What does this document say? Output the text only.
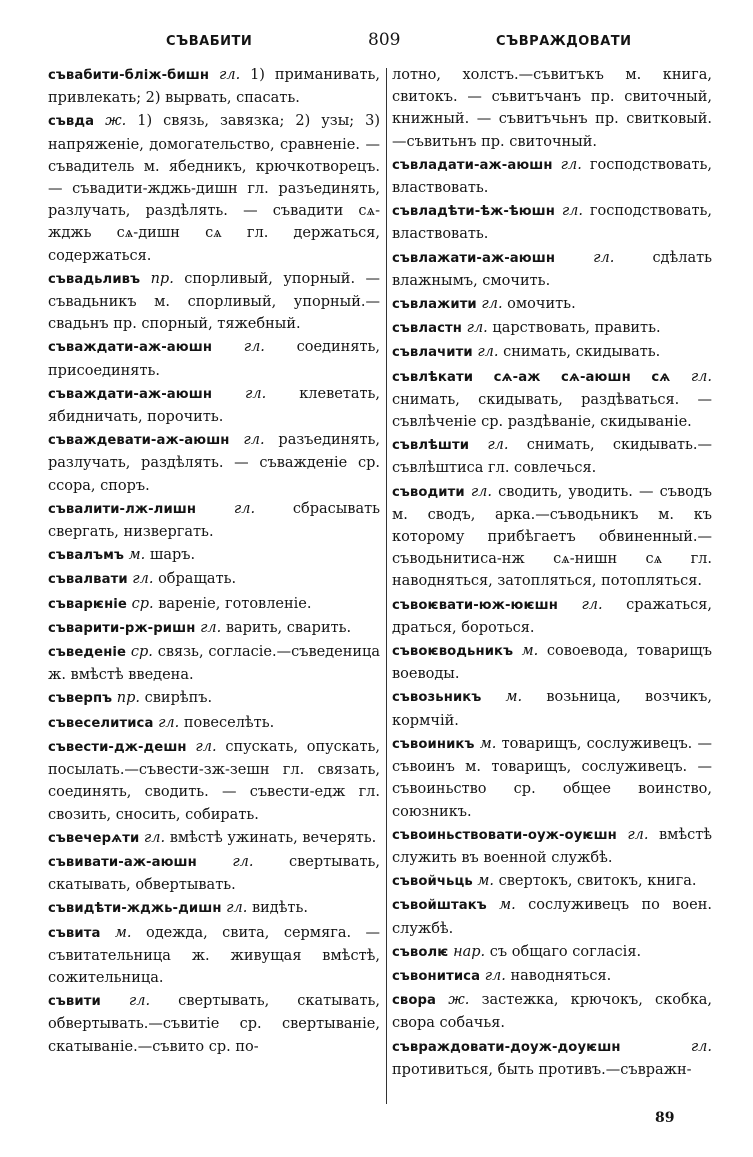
СЪВАБИТИ	809	СЪВРАЖДОВАТИ

съвабити-бліж-бишн гл. 1) приманивать, привлекать; 2) вырвать, спасать.

съвда ж. 1) связь, завязка; 2) узы; 3) напряженіе, домогательство, сравненіе. — съвадитель м. ябедникъ, крючкотворецъ. — съвадити-жджь-дишн гл. разъединять, разлучать, раздѣлять. — съвадити сѧ-жджь сѧ-дишн сѧ гл. держаться, содержаться.

съвадьливъ пр. спорливый, упорный. —съвадьникъ м. спорливый, упорный.—свадьнъ пр. спорный, тяжебный.

съваждати-аж-аюшн гл. соединять, присоединять.

съваждати-аж-аюшн гл. клеветать, ябидничать, порочить.

съваждевати-аж-аюшн гл. разъединять, разлучать, раздѣлять. — съважденіе ср. ссора, споръ.

съвалити-лж-лишн	гл.	сбрасывать свергать, низвергать.

съвалъмъ м. шаръ.

съвалвати гл. обращать.

съварѥніе ср. вареніе, готовленіе.

съварити-рж-ришн гл. варить, сварить.

съведеніе ср. связь, согласіе.—съведеница ж. вмѣстѣ введена.

съверпъ пр. свирѣпъ.

съвеселитиса гл. повеселѣть.

съвести-дж-дешн гл. спускать, опускать, посылать.—съвести-зж-зешн гл. связать, соединять, сводить. — съвести-едж гл. свозить, сносить, собирать.

съвечерѧти гл. вмѣстѣ ужинать, вечерять.

съвивати-аж-аюшн гл. свертывать, скатывать, обвертывать.

съвидѣти-жджь-дишн гл. видѣть.

съвита м. одежда, свита, сермяга. — съвитательница ж. живущая вмѣстѣ, сожительница.

съвити гл. свертывать, скатывать, обвертывать.—съвитіе ср. свертываніе, скатываніе.—съвито ср. по-

лотно, холстъ.—съвитъкъ м. книга, свитокъ. — съвитъчанъ пр. свиточный, книжный. — съвитъчьнъ пр. свитковый.—съвитьнъ пр. свиточный.

съвладати-аж-аюшн гл. господствовать, властвовать.

съвладѣти-ѣж-ѣюшн гл. господствовать, властвовать.

съвлажати-аж-аюшн	гл.	сдѣлать влажнымъ, смочить.

съвлажити гл. омочить.

съвластн гл. царствовать, править.

съвлачити гл. снимать, скидывать.

съвлѣкати сѧ-аж сѧ-аюшн сѧ гл. снимать, скидывать, раздѣваться. — съвлѣченіе ср. раздѣваніе, скидываніе.

съвлѣшти гл. снимать, скидывать.— съвлѣштиса гл. совлечься.

съводити гл. сводить, уводить. — съводъ м. сводъ, арка.—съводьникъ м. къ которому прибѣгаетъ обвиненный.—съводьнитиса-нж сѧ-нишн сѧ гл. наводняться, затопляться, потопляться.

съвоѥвати-юж-юѥшн гл. сражаться, драться, бороться.

съвоѥводьникъ м. совоевода, товарищъ воеводы.

съвозьникъ м. возьница, возчикъ, кормчій.

съвоиникъ м. товарищъ, сослуживецъ. — съвоинъ м. товарищъ, сослуживецъ. — съвоиньство ср. общее воинство, союзникъ.

съвоиньствовати-оуж-оуѥшн гл. вмѣстѣ служить въ военной службѣ.

съвойчьць м. свертокъ, свитокъ, книга.

съвойштакъ м. сослуживецъ по воен. службѣ.

съволѥ нар. съ общаго согласія.

съвонитиса гл. наводняться.

свора ж. застежка, крючокъ, скобка, свора собачья.

съвраждовати-доуж-доуѥшн	гл. противиться, быть противъ.—съвражн-

89
